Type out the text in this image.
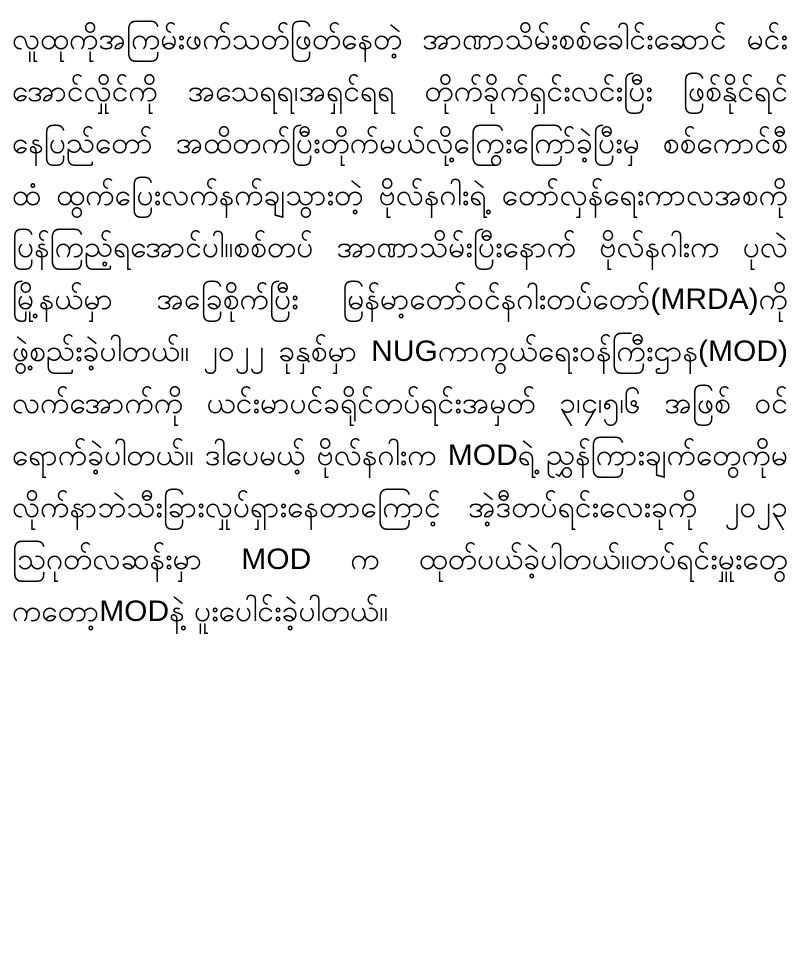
လူထုကိုအကြမ်းဖက်သတ်ဖြတ်နေတဲ့ အာဏာသိမ်းစစ်ခေါင်းဆောင် မင်းအောင်လှိုင်ကို အသေရရ၊အရှင်ရရ တိုက်ခိုက်ရှင်းလင်းပြီး ဖြစ်နိုင်ရင် နေပြည်တော် အထိတက်ပြီးတိုက်မယ်လို့ကြွေးကြော်ခဲ့ပြီးမှ စစ်ကောင်စီထံ ထွက်ပြေးလက်နက်ချသွားတဲ့ ဗိုလ်နဂါးရဲ့ တော်လှန်ရေးကာလအစကို ပြန်ကြည့်ရအောင်ပါ။စစ်တပ် အာဏာသိမ်းပြီးနောက် ဗိုလ်နဂါးက ပုလဲမြို့နယ်မှာ အခြေစိုက်ပြီး မြန်မာ့တော်ဝင်နဂါးတပ်တော်(MRDA)ကို ဖွဲ့စည်းခဲ့ပါတယ်။ ၂၀၂၂ ခုနှစ်မှာ NUGကာကွယ်ရေးဝန်ကြီးဌာန(MOD) လက်အောက်ကို ယင်းမာပင်ခရိုင်တပ်ရင်းအမှတ် ၃၊၄၊၅၊၆ အဖြစ် ဝင်ရောက်ခဲ့ပါတယ်။ ဒါပေမယ့် ဗိုလ်နဂါးက MODရဲ့ ညွှန်ကြားချက်တွေကိုမလိုက်နာဘဲသီးခြားလှုပ်ရှားနေတာကြောင့် အဲ့ဒီတပ်ရင်းလေးခုကို ၂၀၂၃ ဩဂုတ်လဆန်းမှာ MOD က ထုတ်ပယ်ခဲ့ပါတယ်။တပ်ရင်းမှူးတွေကတော့MODနဲ့ ပူးပေါင်းခဲ့ပါတယ်။
